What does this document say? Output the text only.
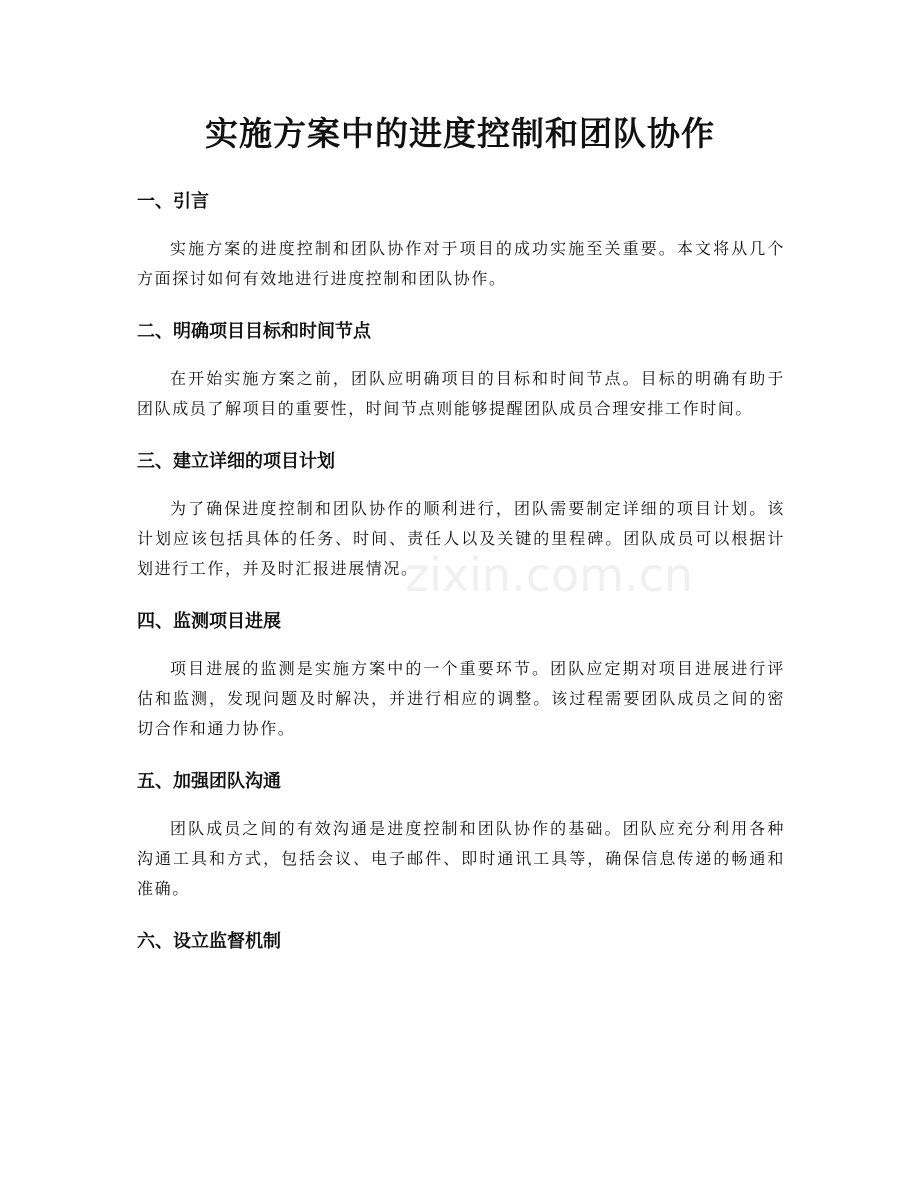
实施方案中的进度控制和团队协作
zixin.com.cn
一、引言

实施方案的进度控制和团队协作对于项目的成功实施至关重要。本文将从几个方面探讨如何有效地进行进度控制和团队协作。

二、明确项目目标和时间节点

在开始实施方案之前，团队应明确项目的目标和时间节点。目标的明确有助于团队成员了解项目的重要性，时间节点则能够提醒团队成员合理安排工作时间。

三、建立详细的项目计划

为了确保进度控制和团队协作的顺利进行，团队需要制定详细的项目计划。该计划应该包括具体的任务、时间、责任人以及关键的里程碑。团队成员可以根据计划进行工作，并及时汇报进展情况。

四、监测项目进展

项目进展的监测是实施方案中的一个重要环节。团队应定期对项目进展进行评估和监测，发现问题及时解决，并进行相应的调整。该过程需要团队成员之间的密切合作和通力协作。

五、加强团队沟通

团队成员之间的有效沟通是进度控制和团队协作的基础。团队应充分利用各种沟通工具和方式，包括会议、电子邮件、即时通讯工具等，确保信息传递的畅通和准确。

六、设立监督机制
